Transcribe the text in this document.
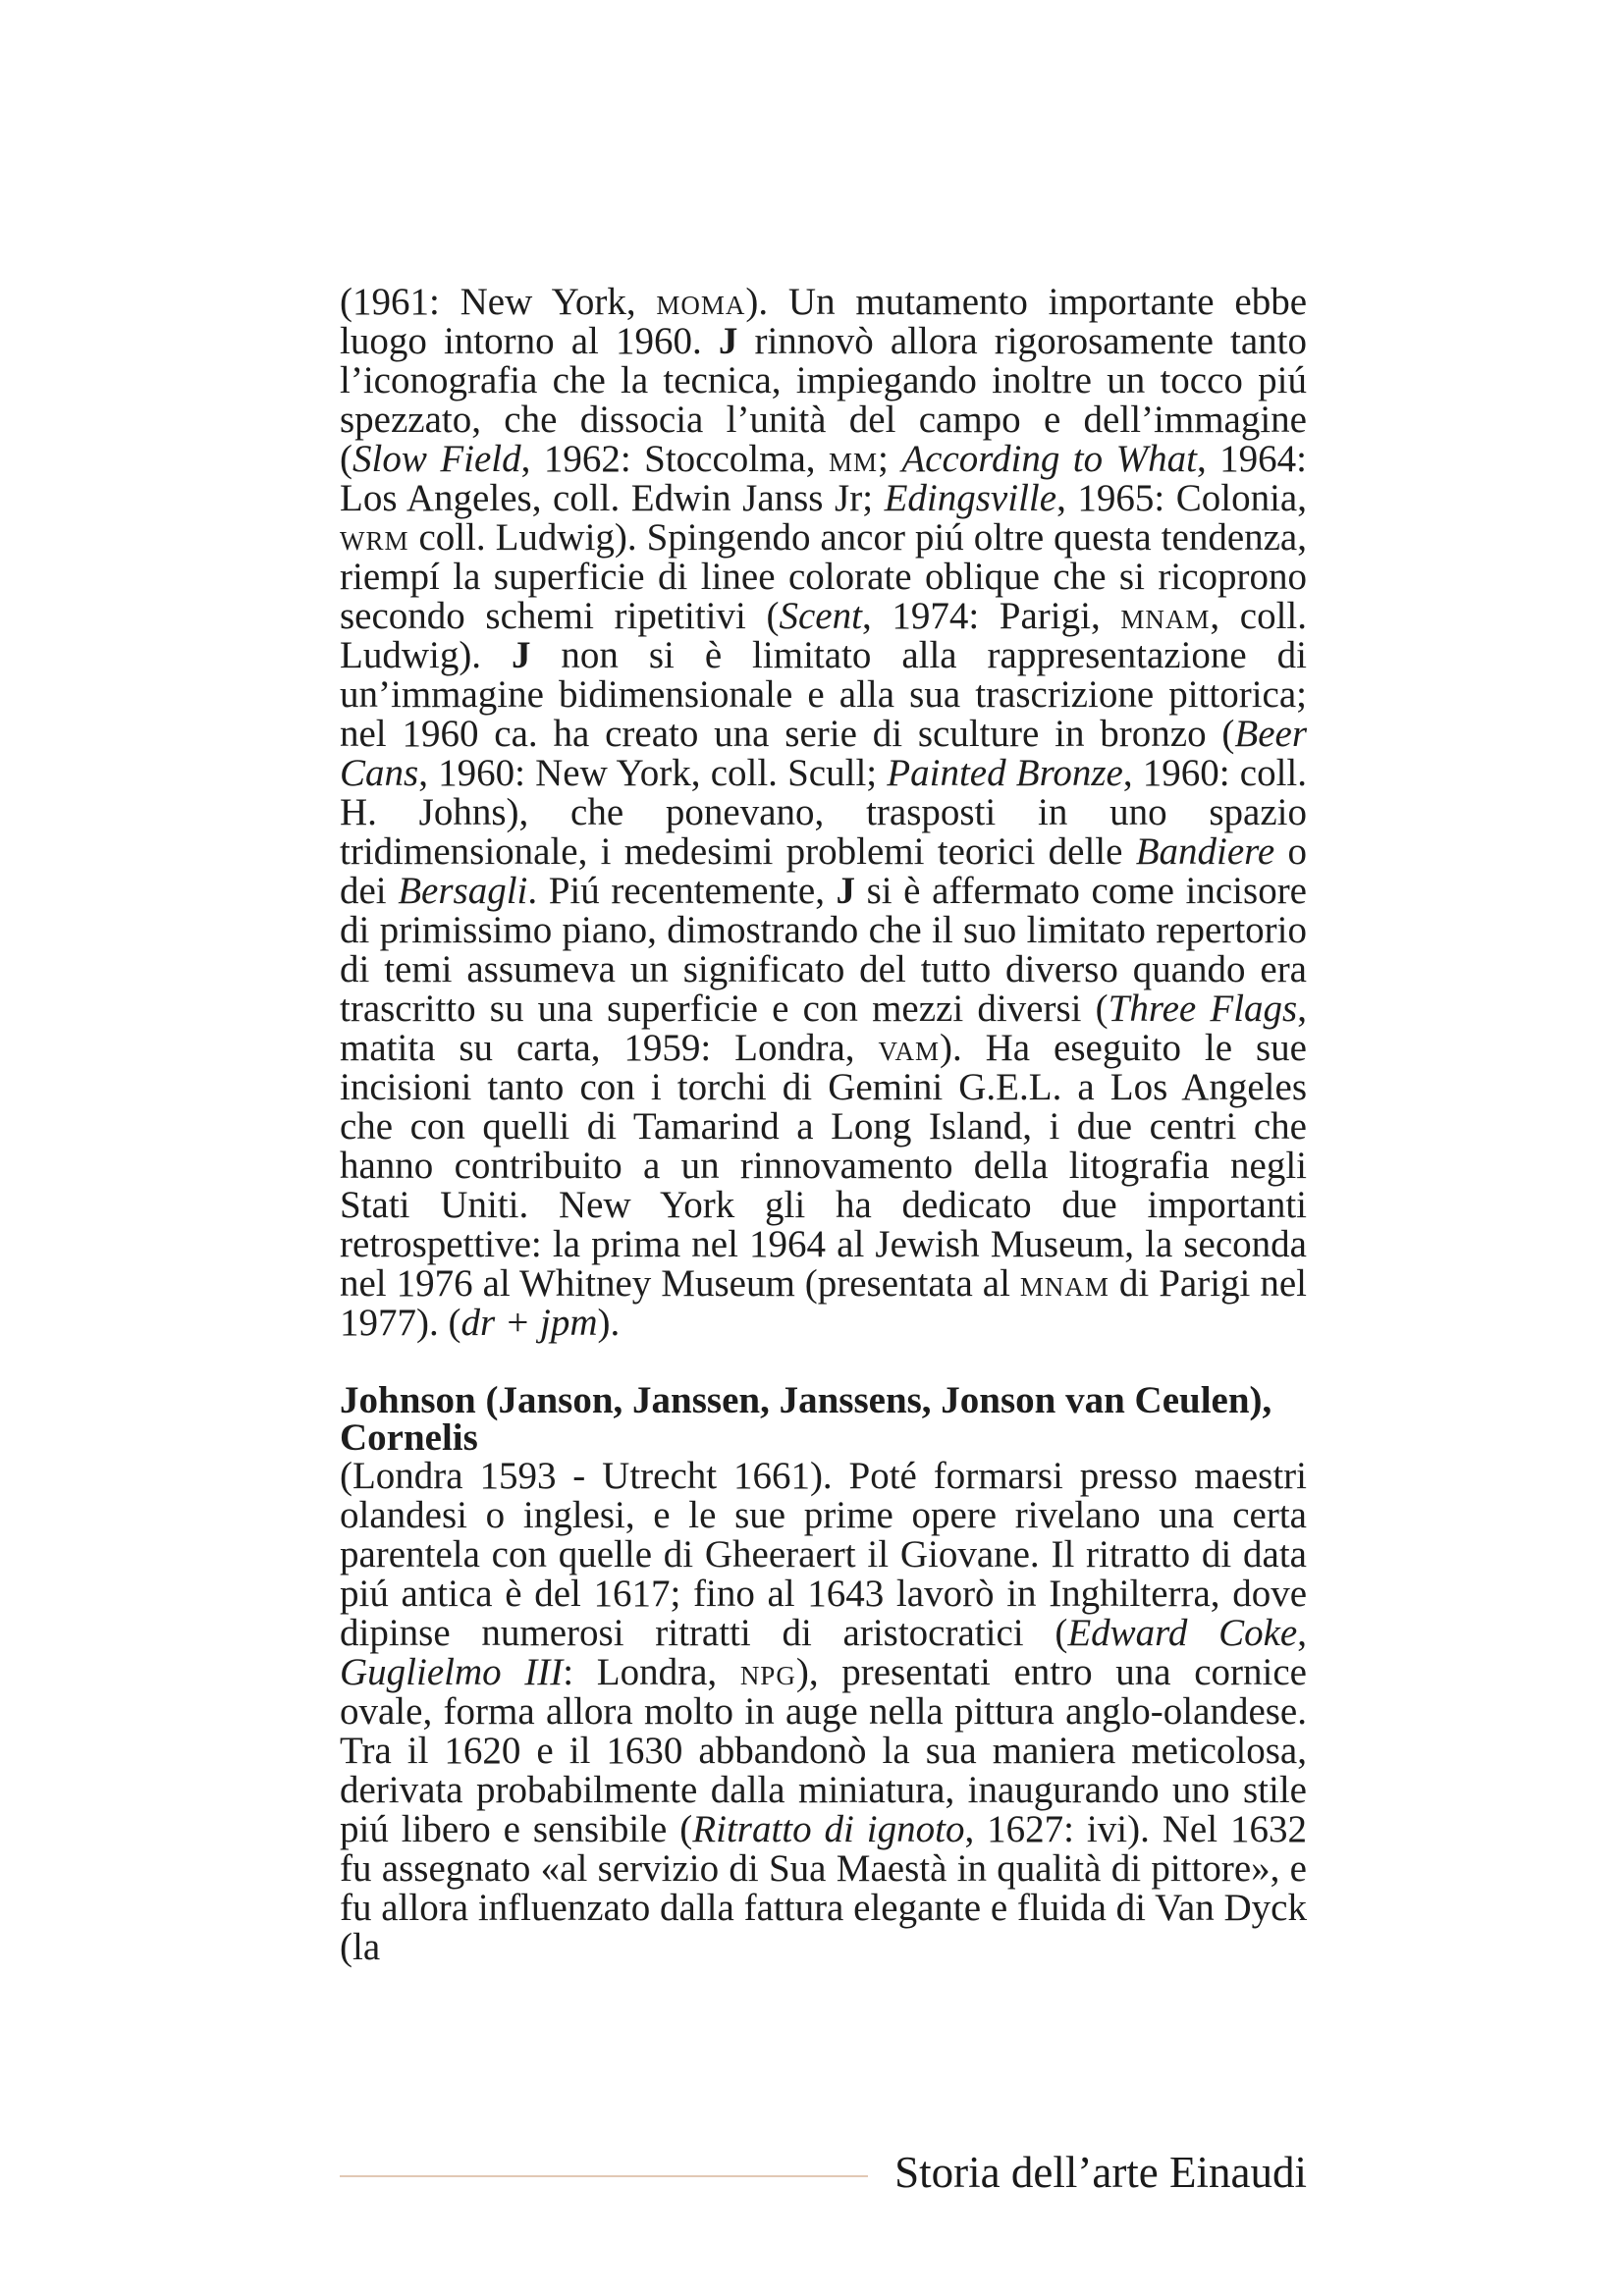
(1961: New York, moma). Un mutamento importante ebbe luogo intorno al 1960. J rinnovò allora rigorosamente tanto l’iconografia che la tecnica, impiegando inoltre un tocco piú spezzato, che dissocia l’unità del campo e dell’immagine (Slow Field, 1962: Stoccolma, mm; According to What, 1964: Los Angeles, coll. Edwin Janss Jr; Edingsville, 1965: Colonia, wrm coll. Ludwig). Spingendo ancor piú oltre questa tendenza, riempí la superficie di linee colorate oblique che si ricoprono secondo schemi ripetitivi (Scent, 1974: Parigi, mnam, coll. Ludwig). J non si è limitato alla rappresentazione di un’immagine bidimensionale e alla sua trascrizione pittorica; nel 1960 ca. ha creato una serie di sculture in bronzo (Beer Cans, 1960: New York, coll. Scull; Painted Bronze, 1960: coll. H. Johns), che ponevano, trasposti in uno spazio tridimensionale, i medesimi problemi teorici delle Bandiere o dei Bersagli. Piú recentemente, J si è affermato come incisore di primissimo piano, dimostrando che il suo limitato repertorio di temi assumeva un significato del tutto diverso quando era trascritto su una superficie e con mezzi diversi (Three Flags, matita su carta, 1959: Londra, vam). Ha eseguito le sue incisioni tanto con i torchi di Gemini G.E.L. a Los Angeles che con quelli di Tamarind a Long Island, i due centri che hanno contribuito a un rinnovamento della litografia negli Stati Uniti. New York gli ha dedicato due importanti retrospettive: la prima nel 1964 al Jewish Museum, la seconda nel 1976 al Whitney Museum (presentata al mnam di Parigi nel 1977). (dr + jpm).

Johnson (Janson, Janssen, Janssens, Jonson van Ceulen), Cornelis

(Londra 1593 - Utrecht 1661). Poté formarsi presso maestri olandesi o inglesi, e le sue prime opere rivelano una certa parentela con quelle di Gheeraert il Giovane. Il ritratto di data piú antica è del 1617; fino al 1643 lavorò in Inghilterra, dove dipinse numerosi ritratti di aristocratici (Edward Coke, Guglielmo III: Londra, npg), presentati entro una cornice ovale, forma allora molto in auge nella pittura anglo-olandese. Tra il 1620 e il 1630 abbandonò la sua maniera meticolosa, derivata probabilmente dalla miniatura, inaugurando uno stile piú libero e sensibile (Ritratto di ignoto, 1627: ivi). Nel 1632 fu assegnato «al servizio di Sua Maestà in qualità di pittore», e fu allora influenzato dalla fattura elegante e fluida di Van Dyck (la

Storia dell’arte Einaudi
